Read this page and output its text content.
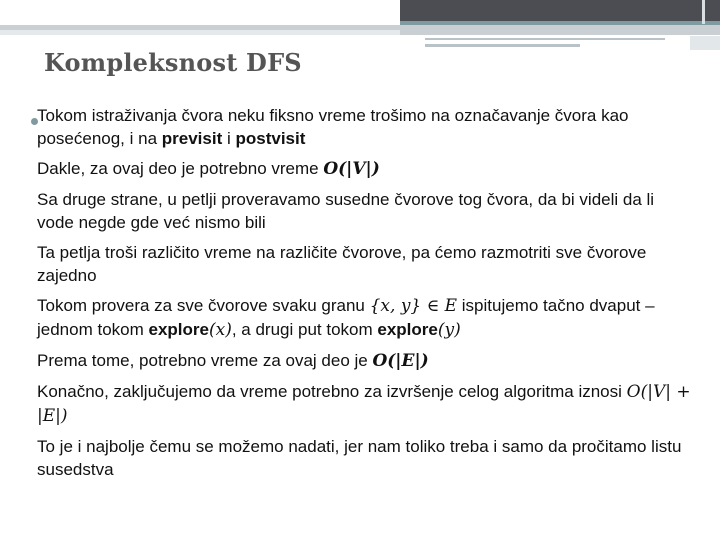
Kompleksnost DFS

Tokom istraživanja čvora neku fiksno vreme trošimo na označavanje čvora kao posećenog, i na previsit i postvisit

Dakle, za ovaj deo je potrebno vreme O(|V|)

Sa druge strane, u petlji proveravamo susedne čvorove tog čvora, da bi videli da li vode negde gde već nismo bili

Ta petlja troši različito vreme na različite čvorove, pa ćemo razmotriti sve čvorove zajedno

Tokom provera za sve čvorove svaku granu {x, y} ∈ E ispitujemo tačno dvaput – jednom tokom explore(x), a drugi put tokom explore(y)

Prema tome, potrebno vreme za ovaj deo je O(|E|)

Konačno, zaključujemo da vreme potrebno za izvršenje celog algoritma iznosi O(|V| + |E|)

To je i najbolje čemu se možemo nadati, jer nam toliko treba i samo da pročitamo listu susedstva
